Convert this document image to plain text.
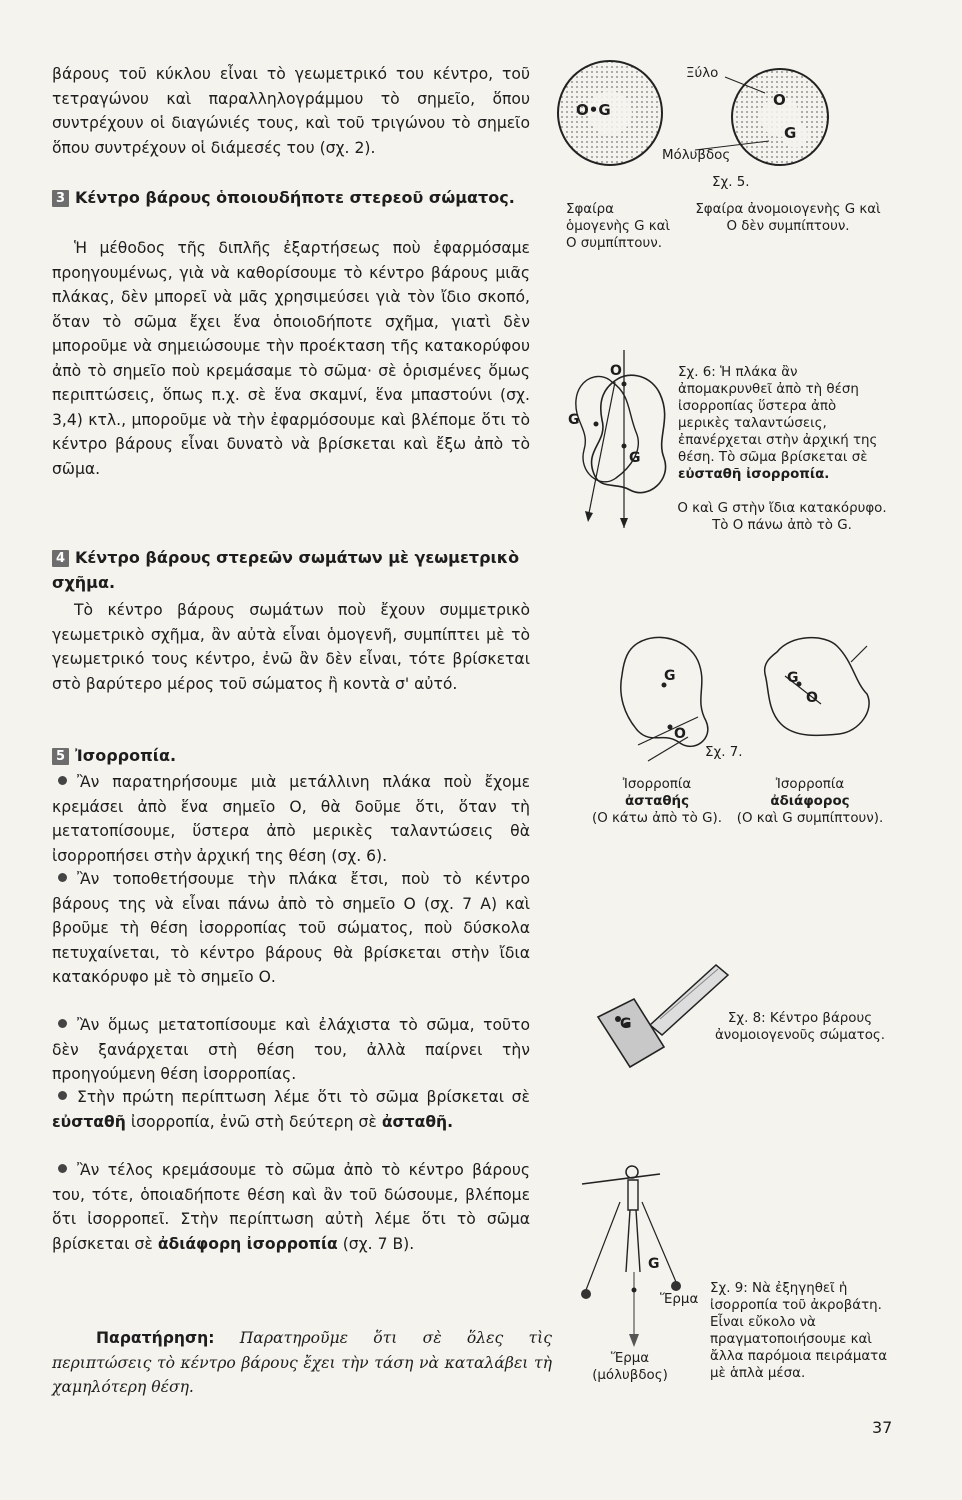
βάρους τοῦ κύκλου εἶναι τὸ γεωμετρικό του κέντρο, τοῦ τετραγώνου καὶ παραλληλογράμμου τὸ σημεῖο, ὅπου συντρέχουν οἱ διαγώνιές τους, καὶ τοῦ τριγώνου τὸ σημεῖο ὅπου συντρέχουν οἱ διάμεσές του (σχ. 2).

3 Κέντρο βάρους ὁποιουδήποτε στερεοῦ σώματος.

Ἡ μέθοδος τῆς διπλῆς ἐξαρτήσεως ποὺ ἐφαρμόσαμε προηγουμένως, γιὰ νὰ καθορίσουμε τὸ κέντρο βάρους μιᾶς πλάκας, δὲν μπορεῖ νὰ μᾶς χρησιμεύσει γιὰ τὸν ἴδιο σκοπό, ὅταν τὸ σῶμα ἔχει ἕνα ὁποιοδήποτε σχῆμα, γιατὶ δὲν μποροῦμε νὰ σημειώσουμε τὴν προέκταση τῆς κατακορύφου ἀπὸ τὸ σημεῖο ποὺ κρεμάσαμε τὸ σῶμα· σὲ ὁρισμένες ὅμως περιπτώσεις, ὅπως π.χ. σὲ ἕνα σκαμνί, ἕνα μπαστούνι (σχ. 3,4) κτλ., μποροῦμε νὰ τὴν ἐφαρμόσουμε καὶ βλέπομε ὅτι τὸ κέντρο βάρους εἶναι δυνατὸ νὰ βρίσκεται καὶ ἔξω ἀπὸ τὸ σῶμα.

4 Κέντρο βάρους στερεῶν σωμάτων μὲ γεωμετρικὸ σχῆμα.

Τὸ κέντρο βάρους σωμάτων ποὺ ἔχουν συμμετρικὸ γεωμετρικὸ σχῆμα, ἂν αὐτὰ εἶναι ὁμογενῆ, συμπίπτει μὲ τὸ γεωμετρικό τους κέντρο, ἐνῶ ἂν δὲν εἶναι, τότε βρίσκεται στὸ βαρύτερο μέρος τοῦ σώματος ἢ κοντὰ σ' αὐτό.

5 Ἰσορροπία.

Ἂν παρατηρήσουμε μιὰ μετάλλινη πλάκα ποὺ ἔχομε κρεμάσει ἀπὸ ἕνα σημεῖο Ο, θὰ δοῦμε ὅτι, ὅταν τὴ μετατοπίσουμε, ὕστερα ἀπὸ μερικὲς ταλαντώσεις θὰ ἰσορροπήσει στὴν ἀρχική της θέση (σχ. 6).

Ἂν τοποθετήσουμε τὴν πλάκα ἔτσι, ποὺ τὸ κέντρο βάρους της νὰ εἶναι πάνω ἀπὸ τὸ σημεῖο Ο (σχ. 7 Α) καὶ βροῦμε τὴ θέση ἰσορροπίας τοῦ σώματος, ποὺ δύσκολα πετυχαίνεται, τὸ κέντρο βάρους θὰ βρίσκεται στὴν ἴδια κατακόρυφο μὲ τὸ σημεῖο Ο.

Ἂν ὅμως μετατοπίσουμε καὶ ἐλάχιστα τὸ σῶμα, τοῦτο δὲν ξανάρχεται στὴ θέση του, ἀλλὰ παίρνει τὴν προηγούμενη θέση ἰσορροπίας.

Στὴν πρώτη περίπτωση λέμε ὅτι τὸ σῶμα βρίσκεται σὲ εὐσταθῆ ἰσορροπία, ἐνῶ στὴ δεύτερη σὲ ἀσταθῆ.

Ἂν τέλος κρεμάσουμε τὸ σῶμα ἀπὸ τὸ κέντρο βάρους του, τότε, ὁποιαδήποτε θέση καὶ ἂν τοῦ δώσουμε, βλέπομε ὅτι ἰσορροπεῖ. Στὴν περίπτωση αὐτὴ λέμε ὅτι τὸ σῶμα βρίσκεται σὲ ἀδιάφορη ἰσορροπία (σχ. 7 Β).

Παρατήρηση: Παρατηροῦμε ὅτι σὲ ὅλες τὶς περιπτώσεις τὸ κέντρο βάρους ἔχει τὴν τάση νὰ καταλάβει τὴ χαμηλότερη θέση.

O•G
O
G
Ξύλο
Μόλυβδος
Σχ. 5.

Σφαίρα ὁμογενὴς G καὶ O συμπίπτουν.

Σφαίρα ἀνομοιογενὴς G καὶ O δὲν συμπίπτουν.

O
G
G

Σχ. 6: Ἡ πλάκα ἂν ἀπομακρυνθεῖ ἀπὸ τὴ θέση ἰσορροπίας ὕστερα ἀπὸ μερικὲς ταλαντώσεις, ἐπανέρχεται στὴν ἀρχική της θέση. Τὸ σῶμα βρίσκεται σὲ εὐσταθῆ ἰσορροπία.

O καὶ G στὴν ἴδια κατακόρυφο. Τὸ O πάνω ἀπὸ τὸ G.

G
O
G
O
Σχ. 7.

Ἰσορροπία
ἀσταθής
(O κάτω ἀπὸ τὸ G).

Ἰσορροπία
ἀδιάφορος
(O καὶ G συμπίπτουν).

G	Σχ. 8: Κέντρο βάρους ἀνομοιογενοῦς σώματος.

G
Ἕρμα

Ἕρμα (μόλυβδος)

Σχ. 9: Νὰ ἐξηγηθεῖ ἡ ἰσορροπία τοῦ ἀκροβάτη. Εἶναι εὔκολο νὰ πραγματοποιήσουμε καὶ ἄλλα παρόμοια πειράματα μὲ ἁπλὰ μέσα.

37
